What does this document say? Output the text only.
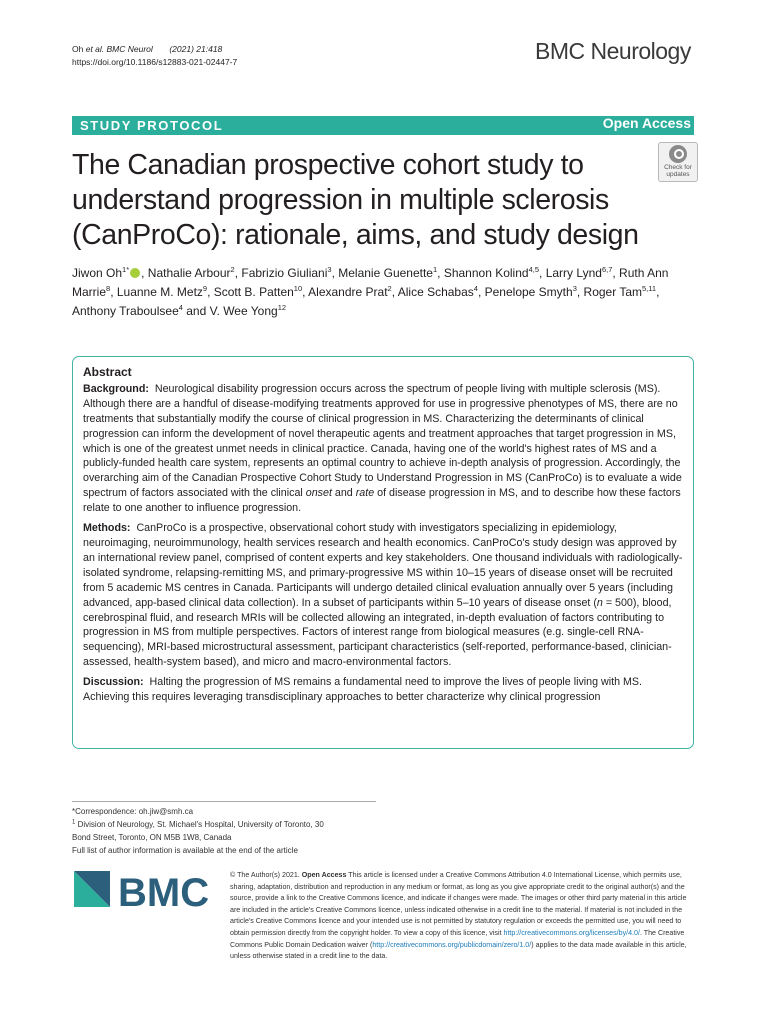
Oh et al. BMC Neurol (2021) 21:418
https://doi.org/10.1186/s12883-021-02447-7	BMC Neurology
STUDY PROTOCOL	Open Access
The Canadian prospective cohort study to understand progression in multiple sclerosis (CanProCo): rationale, aims, and study design
Check for
updates
Jiwon $Oh^{1*}$ , Nathalie Arbour$^2$, Fabrizio Giuliani$^3$, Melanie Guenette$^1$, Shannon Kolind$^{4,5}$, Larry Lynd$^{6,7}$, Ruth Ann Marrie$^8$, Luanne M. Metz$^9$, Scott B. Patten$^{10}$, Alexandre Prat$^2$, Alice Schabas$^4$, Penelope Smyth$^3$, Roger Tam$^{5,11}$, Anthony Traboulsee$^4$ and V. Wee Yong$^{12}$
Abstract

Background: Neurological disability progression occurs across the spectrum of people living with multiple sclerosis (MS). Although there are a handful of disease-modifying treatments approved for use in progressive phenotypes of MS, there are no treatments that substantially modify the course of clinical progression in MS. Characterizing the determinants of clinical progression can inform the development of novel therapeutic agents and treatment approaches that target progression in MS, which is one of the greatest unmet needs in clinical practice. Canada, having one of the world's highest rates of MS and a publicly-funded health care system, represents an optimal country to achieve in-depth analysis of progression. Accordingly, the overarching aim of the Canadian Prospective Cohort Study to Understand Progression in MS (CanProCo) is to evaluate a wide spectrum of factors associated with the clinical onset and rate of disease progression in MS, and to describe how these factors relate to one another to influence progression.

Methods: CanProCo is a prospective, observational cohort study with investigators specializing in epidemiology, neuroimaging, neuroimmunology, health services research and health economics. CanProCo's study design was approved by an international review panel, comprised of content experts and key stakeholders. One thousand individuals with radiologically-isolated syndrome, relapsing-remitting MS, and primary-progressive MS within 10–15 years of disease onset will be recruited from 5 academic MS centres in Canada. Participants will undergo detailed clinical evaluation annually over 5 years (including advanced, app-based clinical data collection). In a subset of participants within 5–10 years of disease onset (n = 500), blood, cerebrospinal fluid, and research MRIs will be collected allowing an integrated, in-depth evaluation of factors contributing to progression in MS from multiple perspectives. Factors of interest range from biological measures (e.g. single-cell RNA-sequencing), MRI-based microstructural assessment, participant characteristics (self-reported, performance-based, clinician-assessed, health-system based), and micro and macro-environmental factors.

Discussion: Halting the progression of MS remains a fundamental need to improve the lives of people living with MS. Achieving this requires leveraging transdisciplinary approaches to better characterize why clinical progression

*Correspondence: oh.jiw@smh.ca
$^1$ Division of Neurology, St. Michael's Hospital, University of Toronto, 30
Bond Street, Toronto, ON M5B 1W8, Canada
Full list of author information is available at the end of the article
BMC	© The Author(s) 2021. Open Access This article is licensed under a Creative Commons Attribution 4.0 International License, which permits use, sharing, adaptation, distribution and reproduction in any medium or format, as long as you give appropriate credit to the original author(s) and the source, provide a link to the Creative Commons licence, and indicate if changes were made. The images or other third party material in this article are included in the article's Creative Commons licence, unless indicated otherwise in a credit line to the material. If material is not included in the article's Creative Commons licence and your intended use is not permitted by statutory regulation or exceeds the permitted use, you will need to obtain permission directly from the copyright holder. To view a copy of this licence, visit http://creativecommons.org/licenses/by/4.0/. The Creative Commons Public Domain Dedication waiver (http://creativecommons.org/publicdomain/zero/1.0/) applies to the data made available in this article, unless otherwise stated in a credit line to the data.
